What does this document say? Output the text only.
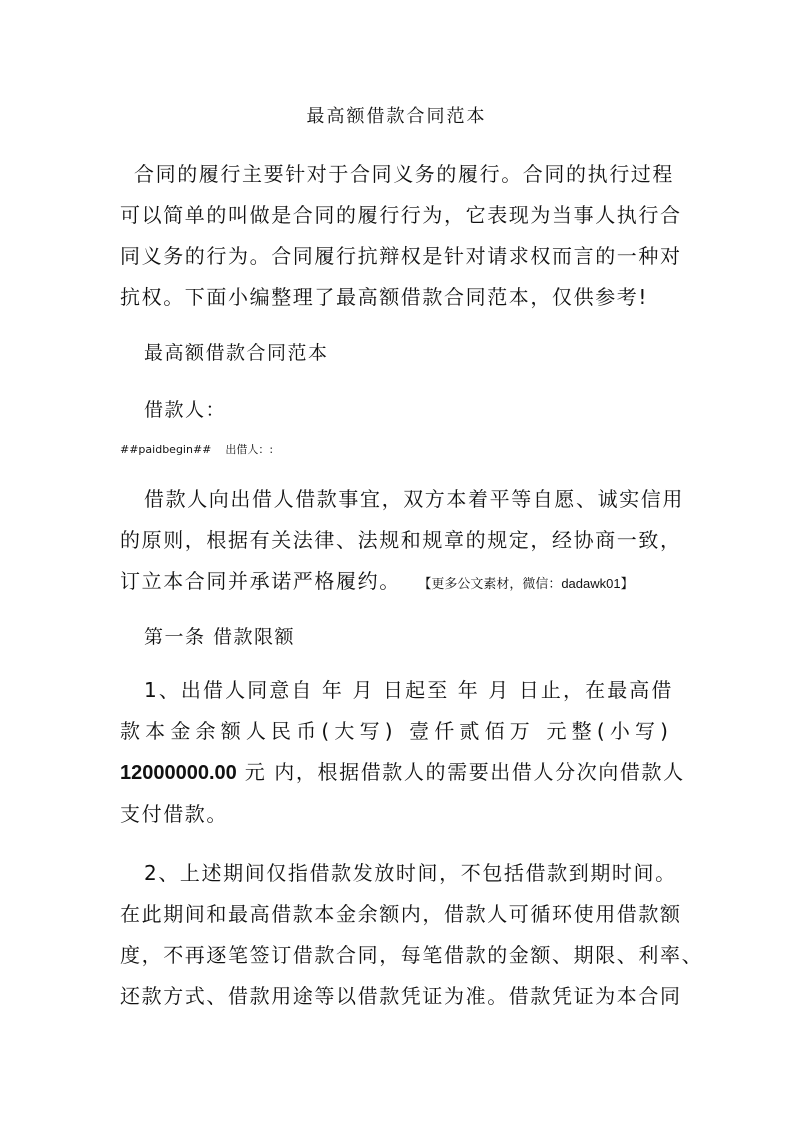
最高额借款合同范本
合同的履行主要针对于合同义务的履行。合同的执行过程
可以简单的叫做是合同的履行行为，它表现为当事人执行合
同义务的行为。合同履行抗辩权是针对请求权而言的一种对
抗权。下面小编整理了最高额借款合同范本，仅供参考!
最高额借款合同范本
借款人：
##paidbegin## 出借人：:
借款人向出借人借款事宜，双方本着平等自愿、诚实信用
的原则，根据有关法律、法规和规章的规定，经协商一致，
订立本合同并承诺严格履约。 【更多公文素材，微信：dadawk01】
第一条 借款限额
1、出借人同意自 年 月 日起至 年 月 日止，在最高借
款本金余额人民币(大写) 壹仟贰佰万 元整(小写)
12000000.00 元 内，根据借款人的需要出借人分次向借款人
支付借款。
2、上述期间仅指借款发放时间，不包括借款到期时间。
在此期间和最高借款本金余额内，借款人可循环使用借款额
度，不再逐笔签订借款合同，每笔借款的金额、期限、利率、
还款方式、借款用途等以借款凭证为准。借款凭证为本合同
